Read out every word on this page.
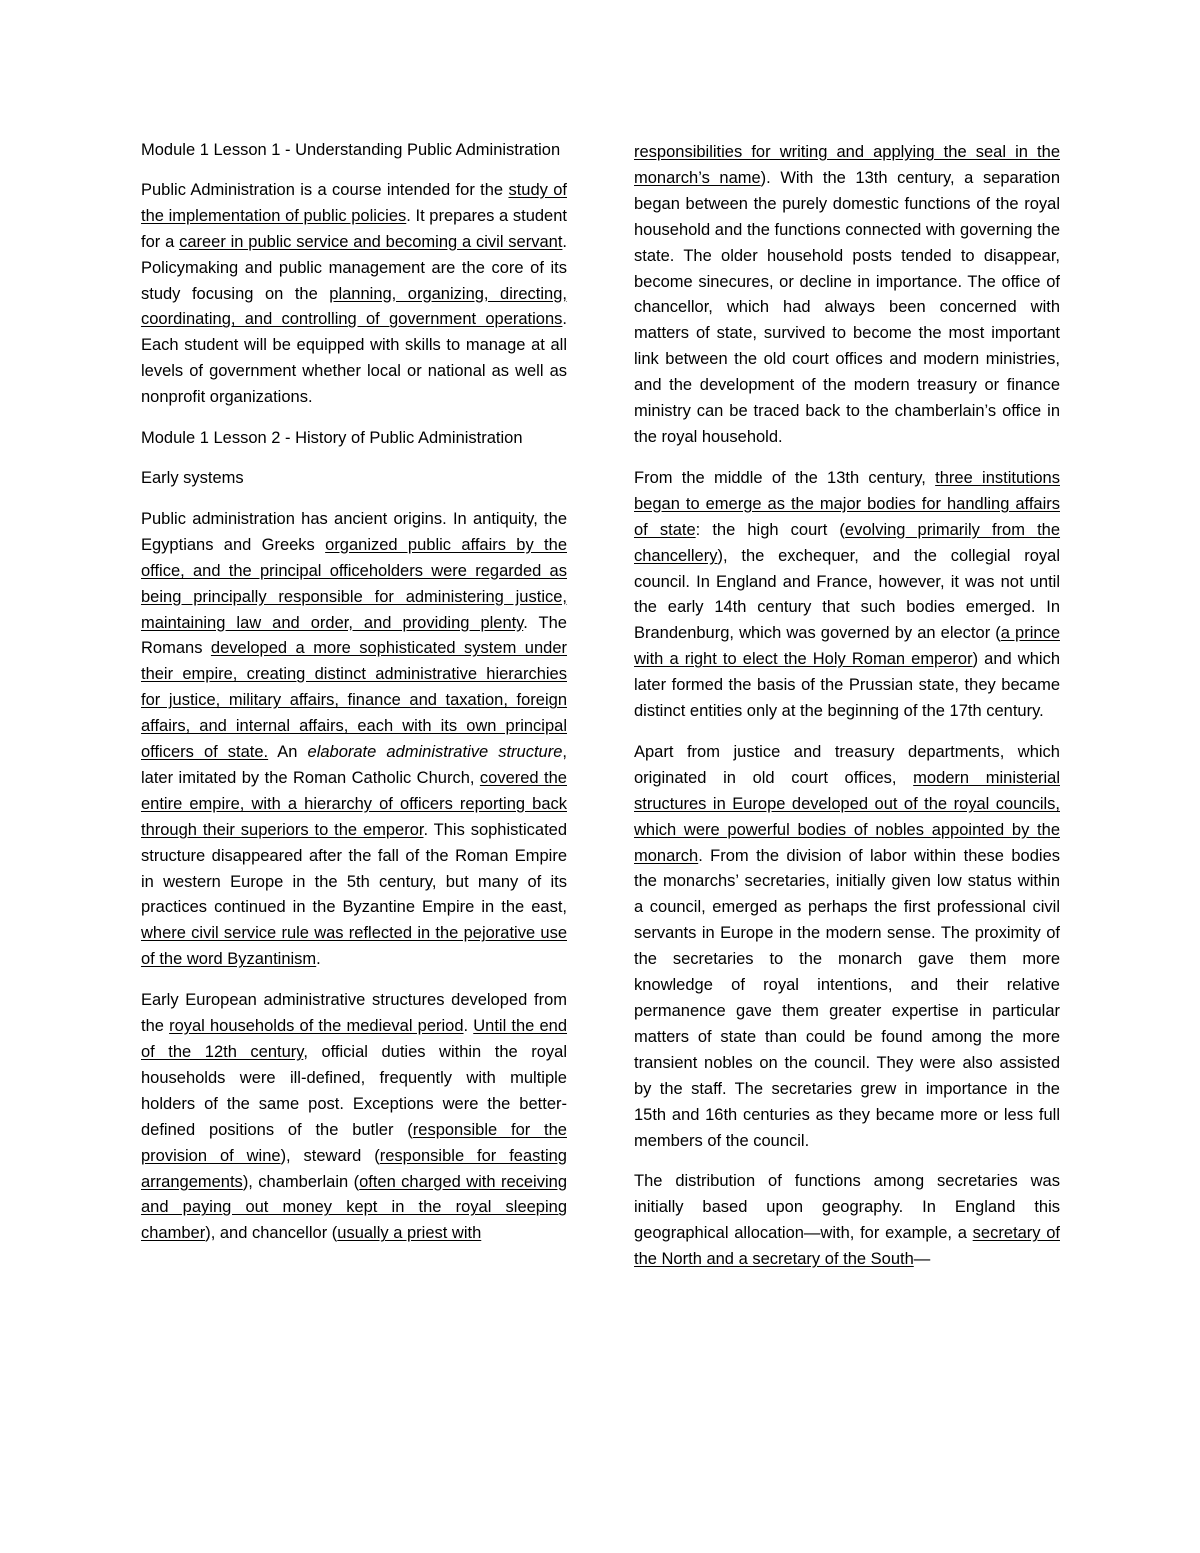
Module 1 Lesson 1 - Understanding Public Administration

Public Administration is a course intended for the study of the implementation of public policies. It prepares a student for a career in public service and becoming a civil servant. Policymaking and public management are the core of its study focusing on the planning, organizing, directing, coordinating, and controlling of government operations. Each student will be equipped with skills to manage at all levels of government whether local or national as well as nonprofit organizations.

Module 1 Lesson 2 - History of Public Administration

Early systems

Public administration has ancient origins. In antiquity, the Egyptians and Greeks organized public affairs by the office, and the principal officeholders were regarded as being principally responsible for administering justice, maintaining law and order, and providing plenty. The Romans developed a more sophisticated system under their empire, creating distinct administrative hierarchies for justice, military affairs, finance and taxation, foreign affairs, and internal affairs, each with its own principal officers of state. An elaborate administrative structure, later imitated by the Roman Catholic Church, covered the entire empire, with a hierarchy of officers reporting back through their superiors to the emperor. This sophisticated structure disappeared after the fall of the Roman Empire in western Europe in the 5th century, but many of its practices continued in the Byzantine Empire in the east, where civil service rule was reflected in the pejorative use of the word Byzantinism.

Early European administrative structures developed from the royal households of the medieval period. Until the end of the 12th century, official duties within the royal households were ill-defined, frequently with multiple holders of the same post. Exceptions were the better-defined positions of the butler (responsible for the provision of wine), steward (responsible for feasting arrangements), chamberlain (often charged with receiving and paying out money kept in the royal sleeping chamber), and chancellor (usually a priest with

responsibilities for writing and applying the seal in the monarch’s name). With the 13th century, a separation began between the purely domestic functions of the royal household and the functions connected with governing the state. The older household posts tended to disappear, become sinecures, or decline in importance. The office of chancellor, which had always been concerned with matters of state, survived to become the most important link between the old court offices and modern ministries, and the development of the modern treasury or finance ministry can be traced back to the chamberlain’s office in the royal household.

From the middle of the 13th century, three institutions began to emerge as the major bodies for handling affairs of state: the high court (evolving primarily from the chancellery), the exchequer, and the collegial royal council. In England and France, however, it was not until the early 14th century that such bodies emerged. In Brandenburg, which was governed by an elector (a prince with a right to elect the Holy Roman emperor) and which later formed the basis of the Prussian state, they became distinct entities only at the beginning of the 17th century.

Apart from justice and treasury departments, which originated in old court offices, modern ministerial structures in Europe developed out of the royal councils, which were powerful bodies of nobles appointed by the monarch. From the division of labor within these bodies the monarchs’ secretaries, initially given low status within a council, emerged as perhaps the first professional civil servants in Europe in the modern sense. The proximity of the secretaries to the monarch gave them more knowledge of royal intentions, and their relative permanence gave them greater expertise in particular matters of state than could be found among the more transient nobles on the council. They were also assisted by the staff. The secretaries grew in importance in the 15th and 16th centuries as they became more or less full members of the council.

The distribution of functions among secretaries was initially based upon geography. In England this geographical allocation—with, for example, a secretary of the North and a secretary of the South—
